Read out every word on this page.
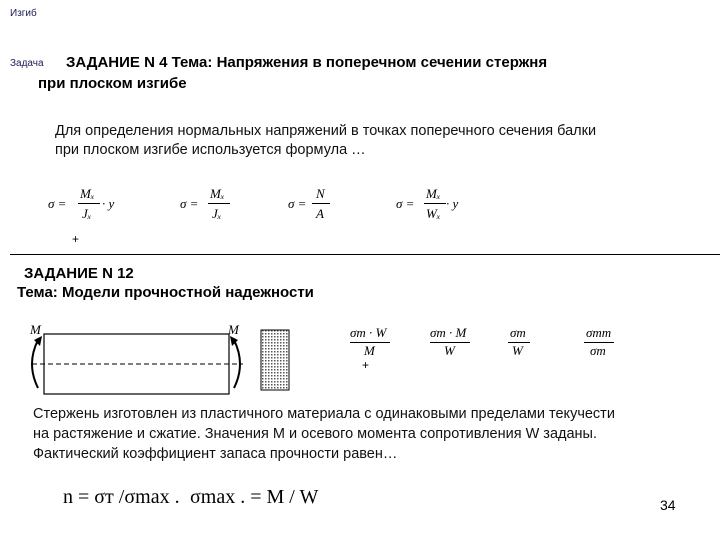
Изгиб
Задача ЗАДАНИЕ N 4 Тема: Напряжения в поперечном сечении стержня
при плоском изгибе
Для определения нормальных напряжений в точках поперечного сечения балки
при плоском изгибе используется формула …
σ =
Mₓ
Jₓ
· y	σ =
Mₓ
Jₓ
σ =
N
A
σ =
Mₓ
Wₓ
· y
+
ЗАДАНИЕ N 12
Тема: Модели прочностной надежности
M	M	σm · W
M
σm · M
W
σm
W
σmm
σm
+
Стержень изготовлен из пластичного материала с одинаковыми пределами текучести
на растяжение и сжатие. Значения M и осевого момента сопротивления W заданы.
Фактический коэффициент запаса прочности равен…
n = σт /σmax . σmax . = M / W	34
